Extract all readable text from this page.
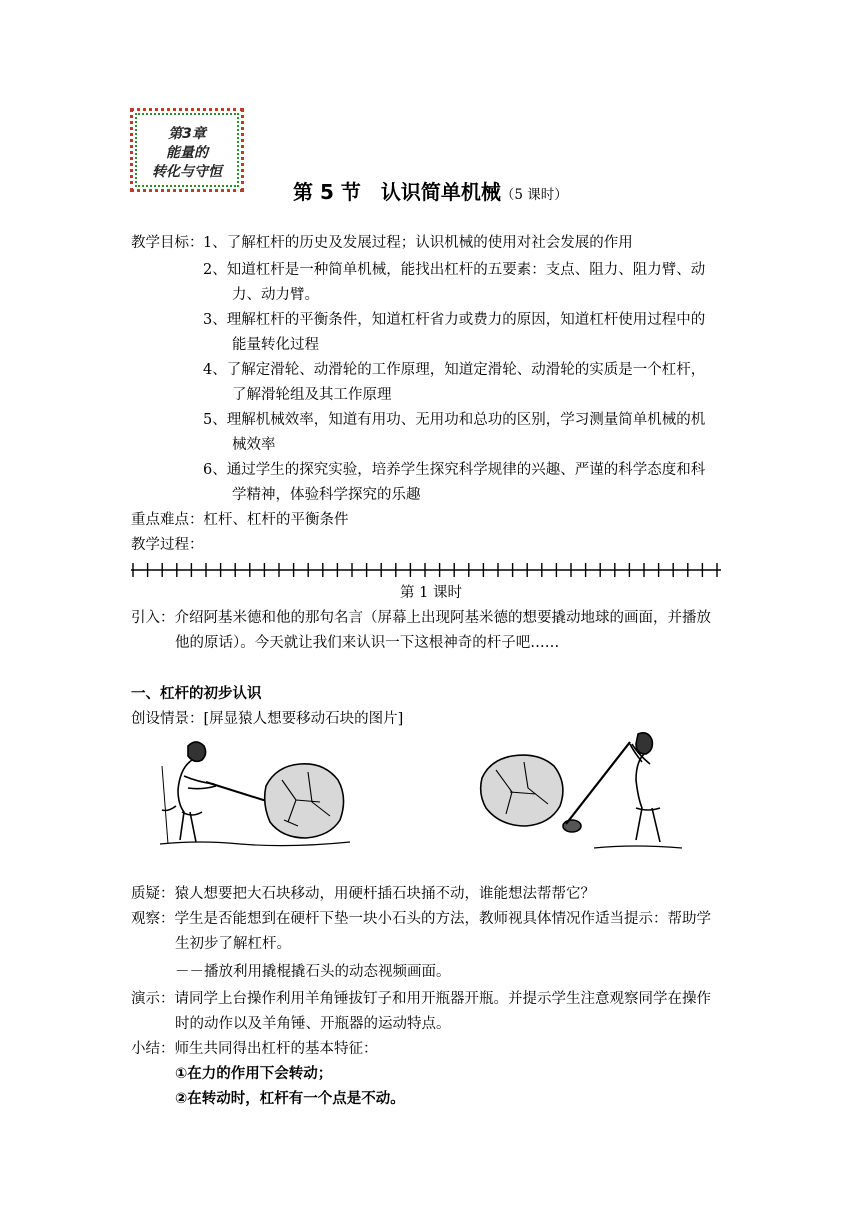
第3章
能量的
转化与守恒
第 5 节　认识简单机械（5 课时）
教学目标： 1、了解杠杆的历史及发展过程；认识机械的使用对社会发展的作用
2、知道杠杆是一种简单机械，能找出杠杆的五要素：支点、阻力、阻力臂、动
力、动力臂。
3、理解杠杆的平衡条件，知道杠杆省力或费力的原因，知道杠杆使用过程中的
能量转化过程
4、了解定滑轮、动滑轮的工作原理，知道定滑轮、动滑轮的实质是一个杠杆，
了解滑轮组及其工作原理
5、理解机械效率，知道有用功、无用功和总功的区别，学习测量简单机械的机
械效率
6、通过学生的探究实验，培养学生探究科学规律的兴趣、严谨的科学态度和科
学精神，体验科学探究的乐趣
重点难点：杠杆、杠杆的平衡条件
教学过程：
第 1 课时
引入：介绍阿基米德和他的那句名言（屏幕上出现阿基米德的想要撬动地球的画面，并播放
他的原话）。今天就让我们来认识一下这根神奇的杆子吧……
一、杠杆的初步认识
创设情景：[屏显猿人想要移动石块的图片]
质疑：猿人想要把大石块移动，用硬杆插石块捅不动，谁能想法帮帮它？
观察：学生是否能想到在硬杆下垫一块小石头的方法，教师视具体情况作适当提示：帮助学
生初步了解杠杆。
－－播放利用撬棍撬石头的动态视频画面。
演示：请同学上台操作利用羊角锤拔钉子和用开瓶器开瓶。并提示学生注意观察同学在操作
时的动作以及羊角锤、开瓶器的运动特点。
小结：师生共同得出杠杆的基本特征：
①在力的作用下会转动；
②在转动时，杠杆有一个点是不动。
